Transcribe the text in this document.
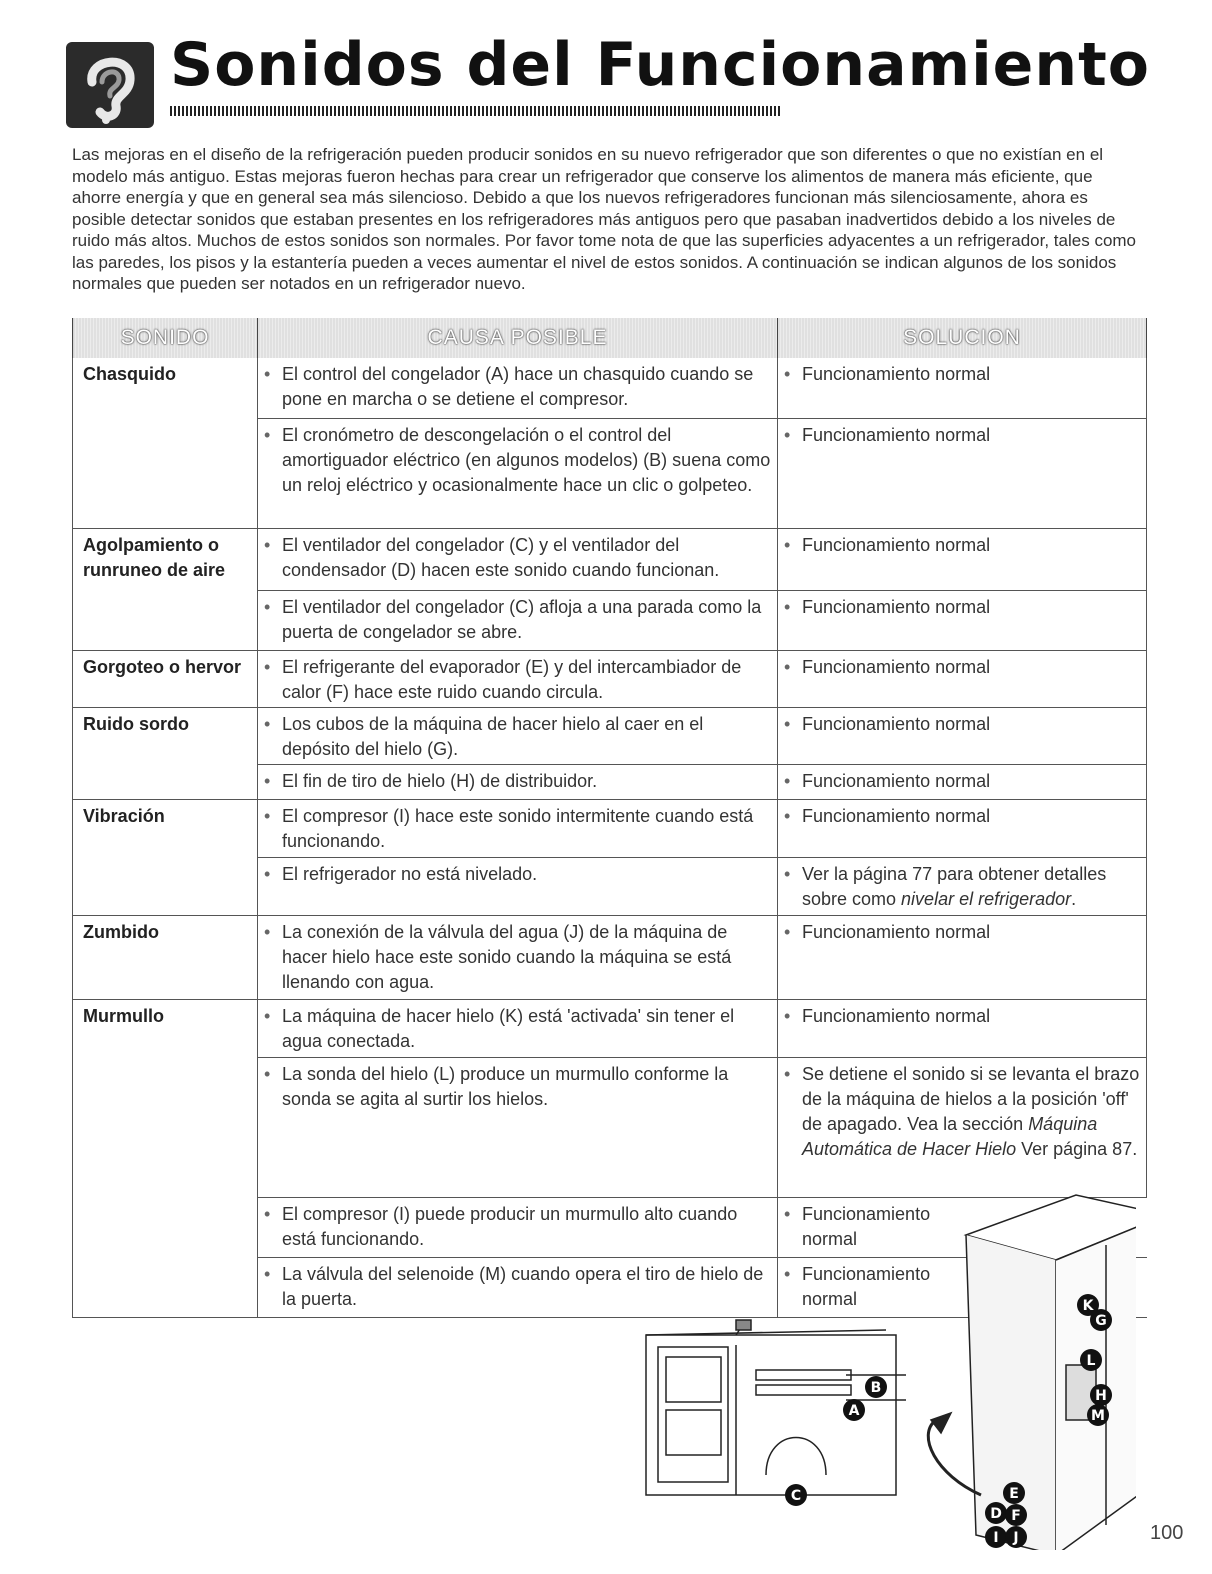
Sonidos del Funcionamiento

Las mejoras en el diseño de la refrigeración pueden producir sonidos en su nuevo refrigerador que son diferentes o que no existían en el modelo más antiguo. Estas mejoras fueron hechas para crear un refrigerador que conserve los alimentos de manera más eficiente, que ahorre energía y que en general sea más silencioso. Debido a que los nuevos refrigeradores funcionan más silenciosamente, ahora es posible detectar sonidos que estaban presentes en los refrigeradores más antiguos pero que pasaban inadvertidos debido a los niveles de ruido más altos. Muchos de estos sonidos son normales. Por favor tome nota de que las superficies adyacentes a un refrigerador, tales como las paredes, los pisos y la estantería pueden a veces aumentar el nivel de estos sonidos. A continuación se indican algunos de los sonidos normales que pueden ser notados en un refrigerador nuevo.

SONIDO	CAUSA POSIBLE	SOLUCION
Chasquido	• El control del congelador (A) hace un chasquido cuando se pone en marcha o se detiene el compresor.	• Funcionamiento normal

	• El cronómetro de descongelación o el control del amortiguador eléctrico (en algunos modelos) (B) suena como un reloj eléctrico y ocasionalmente hace un clic o golpeteo.	• Funcionamiento normal

Agolpamiento o runruneo de aire	• El ventilador del congelador (C) y el ventilador del condensador (D) hacen este sonido cuando funcionan.	• Funcionamiento normal

	• El ventilador del congelador (C) afloja a una parada como la puerta de congelador se abre.	• Funcionamiento normal

Gorgoteo o hervor	• El refrigerante del evaporador (E) y del intercambiador de calor (F) hace este ruido cuando circula.	• Funcionamiento normal

Ruido sordo	• Los cubos de la máquina de hacer hielo al caer en el depósito del hielo (G).	• Funcionamiento normal

	• El fin de tiro de hielo (H) de distribuidor.	• Funcionamiento normal

Vibración	• El compresor (I) hace este sonido intermitente cuando está funcionando.	• Funcionamiento normal

	• El refrigerador no está nivelado.	• Ver la página 77 para obtener detalles sobre como nivelar el refrigerador.

Zumbido	• La conexión de la válvula del agua (J) de la máquina de hacer hielo hace este sonido cuando la máquina se está llenando con agua.	• Funcionamiento normal

Murmullo	• La máquina de hacer hielo (K) está 'activada' sin tener el agua conectada.	• Funcionamiento normal

	• La sonda del hielo (L) produce un murmullo conforme la sonda se agita al surtir los hielos.	• Se detiene el sonido si se levanta el brazo de la máquina de hielos a la posición 'off' de apagado. Vea la sección Máquina Automática de Hacer Hielo Ver página 87.

	• El compresor (I) puede producir un murmullo alto cuando está funcionando.	• Funcionamiento normal

	• La válvula del selenoide (M) cuando opera el tiro de hielo de la puerta.	• Funcionamiento normal
A
B
C
D
E
F
G
H
I J
K
L
M
100
